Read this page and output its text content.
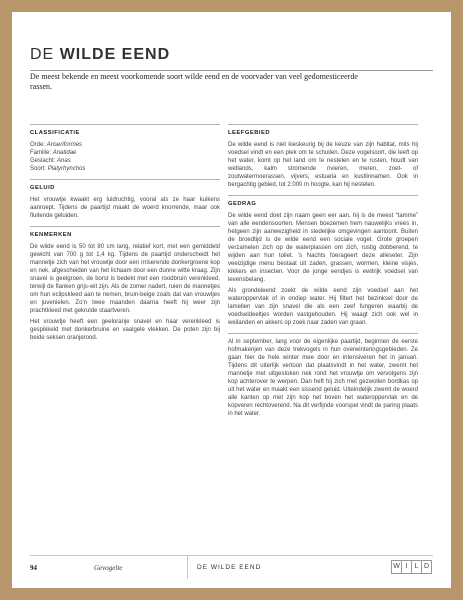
DE WILDE EEND
De meest bekende en meest voorkomende soort wilde eend en de voorvader van veel gedomesticeerde rassen.
CLASSIFICATIE
Orde: Anseriformes
Familie: Anatidae
Geslacht: Anas
Soort: Platyrhynchos
GELUID

Het vrouwtje kwaakt erg luidruchtig, vooral als ze haar kuikens aanroept. Tijdens de paartijd maakt de woerd knorrende, maar ook fluitende geluiden.

KENMERKEN

De wilde eend is 50 tot 80 cm lang, relatief kort, met een gemiddeld gewicht van 700 g tot 1,4 kg. Tijdens de paartijd onderscheidt het mannetje zich van het vrouwtje door een irriserende donkergroene kop en nek, afgescheiden van het lichaam door een dunne witte kraag. Zijn snavel is geelgroen, de borst is bedekt met een roodbruin verenkleed, terwijl de flanken grijs-wit zijn. Als de zomer nadert, ruien de mannetjes om hun eclipskleed aan te nemen, bruin-beige zoals dat van vrouwtjes en juvenielen. Zo’n twee maanden daarna heeft hij weer zijn prachtkleed met gekrulde staartveren.

Het vrouwtje heeft een geeloranje snavel en haar verenkleed is gespikkeld met donkerbruine en vaalgele vlekken. De poten zijn bij beide seksen oranjerood.

LEEFGEBIED

De wilde eend is niet kieskeurig bij de keuze van zijn habitat, mits hij voedsel vindt en een plek om te schuilen. Deze vogelsoort, die leeft op het water, komt op het land om te nestelen en te rusten, houdt van wetlands, kalm stromende rivieren, meren, zoet- of zoutwatermoerassen, vijvers, estuaria en kustlinnamen. Ook in bergachtig gebied, tot 2.000 m hoogte, kan hij nestelen.

GEDRAG

De wilde eend doet zijn naam geen eer aan, hij is de meest “tamme” van alle eendensoorten. Mensen boezemen hem nauwelijks vrees in, hetgeen zijn aanwezigheid in stedelijke omgevingen aantoont. Buiten de broedtijd is de wilde eend een sociale vogel. Grote groepen verzamelen zich op de waterplassen om zich, rustig dobberend, te wijden aan hun toilet. ’s Nachts foerageert deze alleseter. Zijn veelzijdige menu bestaat uit zaden, grassen, wormen, kleine visjes, kikkers en insecten. Voor de jonge eendjes is ewitrijk voedsel van levensbelang.

Als grondeleend zoekt de wilde eend zijn voedsel aan het wateroppervlak of in ondiep water. Hij filtert het bezinksel door de lamellen van zijn snavel die als een zeef fungeren waarbij de voedseldeeltjes worden vastgehouden. Hij waagt zich ook wel in weilanden en akkers op zoek naar zaden van graan.

Al in september, lang voor de eigenlijke paartijd, beginnen de eerste hofmakerijen van deze trekvogels in hun overwinteringsgebieden. Ze gaan hier de hele winter mee door en intensiveren het in januari. Tijdens dit uiterlijk vertoon dat plaatsvindt in het water, zwemt het mannetje met uitgestoken nek rond het vrouwtje om vervolgens zijn kop achterover te werpen. Dan heft hij zich met gezwollen bordkas op uit het water en maakt een sissend geluid. Uiteindelijk zwemt de woerd alle kanten op met zijn kop net boven het wateroppervlak en de kopveren rechtoverend. Na dit verfijnde voorspel vindt de paring plaats in het water.

94	Gevogelte	DE WILDE EEND	W I	L D
